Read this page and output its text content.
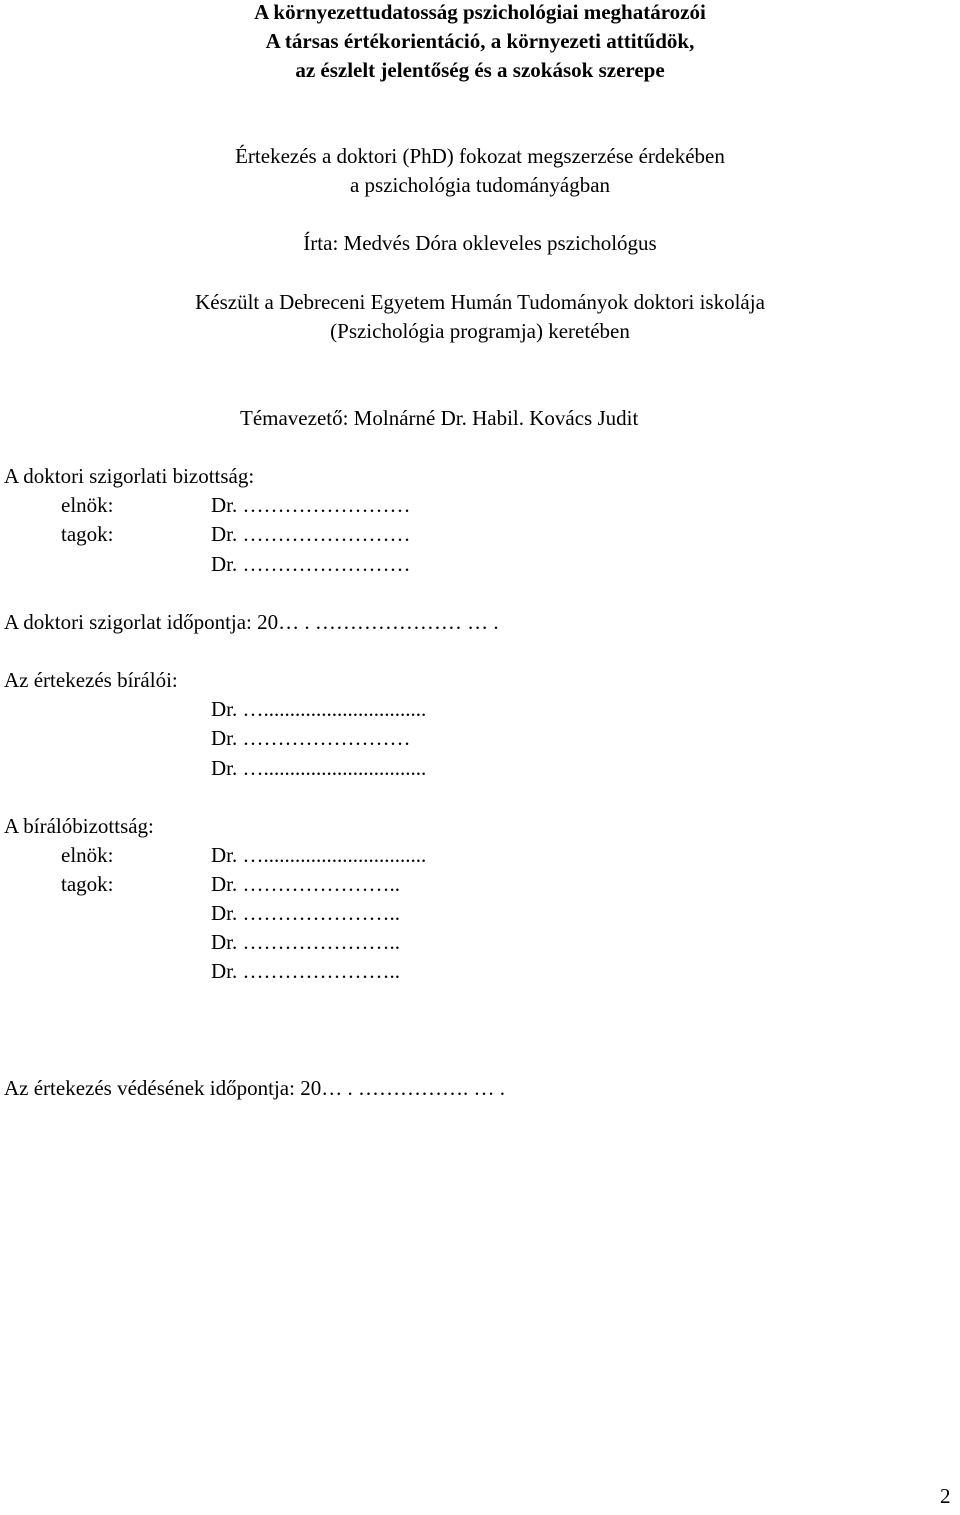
A környezettudatosság pszichológiai meghatározói
A társas értékorientáció, a környezeti attitűdök,
az észlelt jelentőség és a szokások szerepe
Értekezés a doktori (PhD) fokozat megszerzése érdekében
a pszichológia tudományágban
Írta: Medvés Dóra okleveles pszichológus
Készült a Debreceni Egyetem Humán Tudományok doktori iskolája
(Pszichológia programja) keretében
Témavezető: Molnárné Dr. Habil. Kovács Judit
A doktori szigorlati bizottság:
elnök:	Dr. ……………………
tagok:	Dr. ……………………
Dr. ……………………
A doktori szigorlat időpontja: 20… . ………………… … .
Az értekezés bírálói:
Dr. …...............................
Dr. ……………………
Dr. …...............................
A bírálóbizottság:
elnök:	Dr. …...............................
tagok:	Dr. …………………..
Dr. …………………..
Dr. …………………..
Dr. …………………..
Az értekezés védésének időpontja: 20… . ……………. … .
2
